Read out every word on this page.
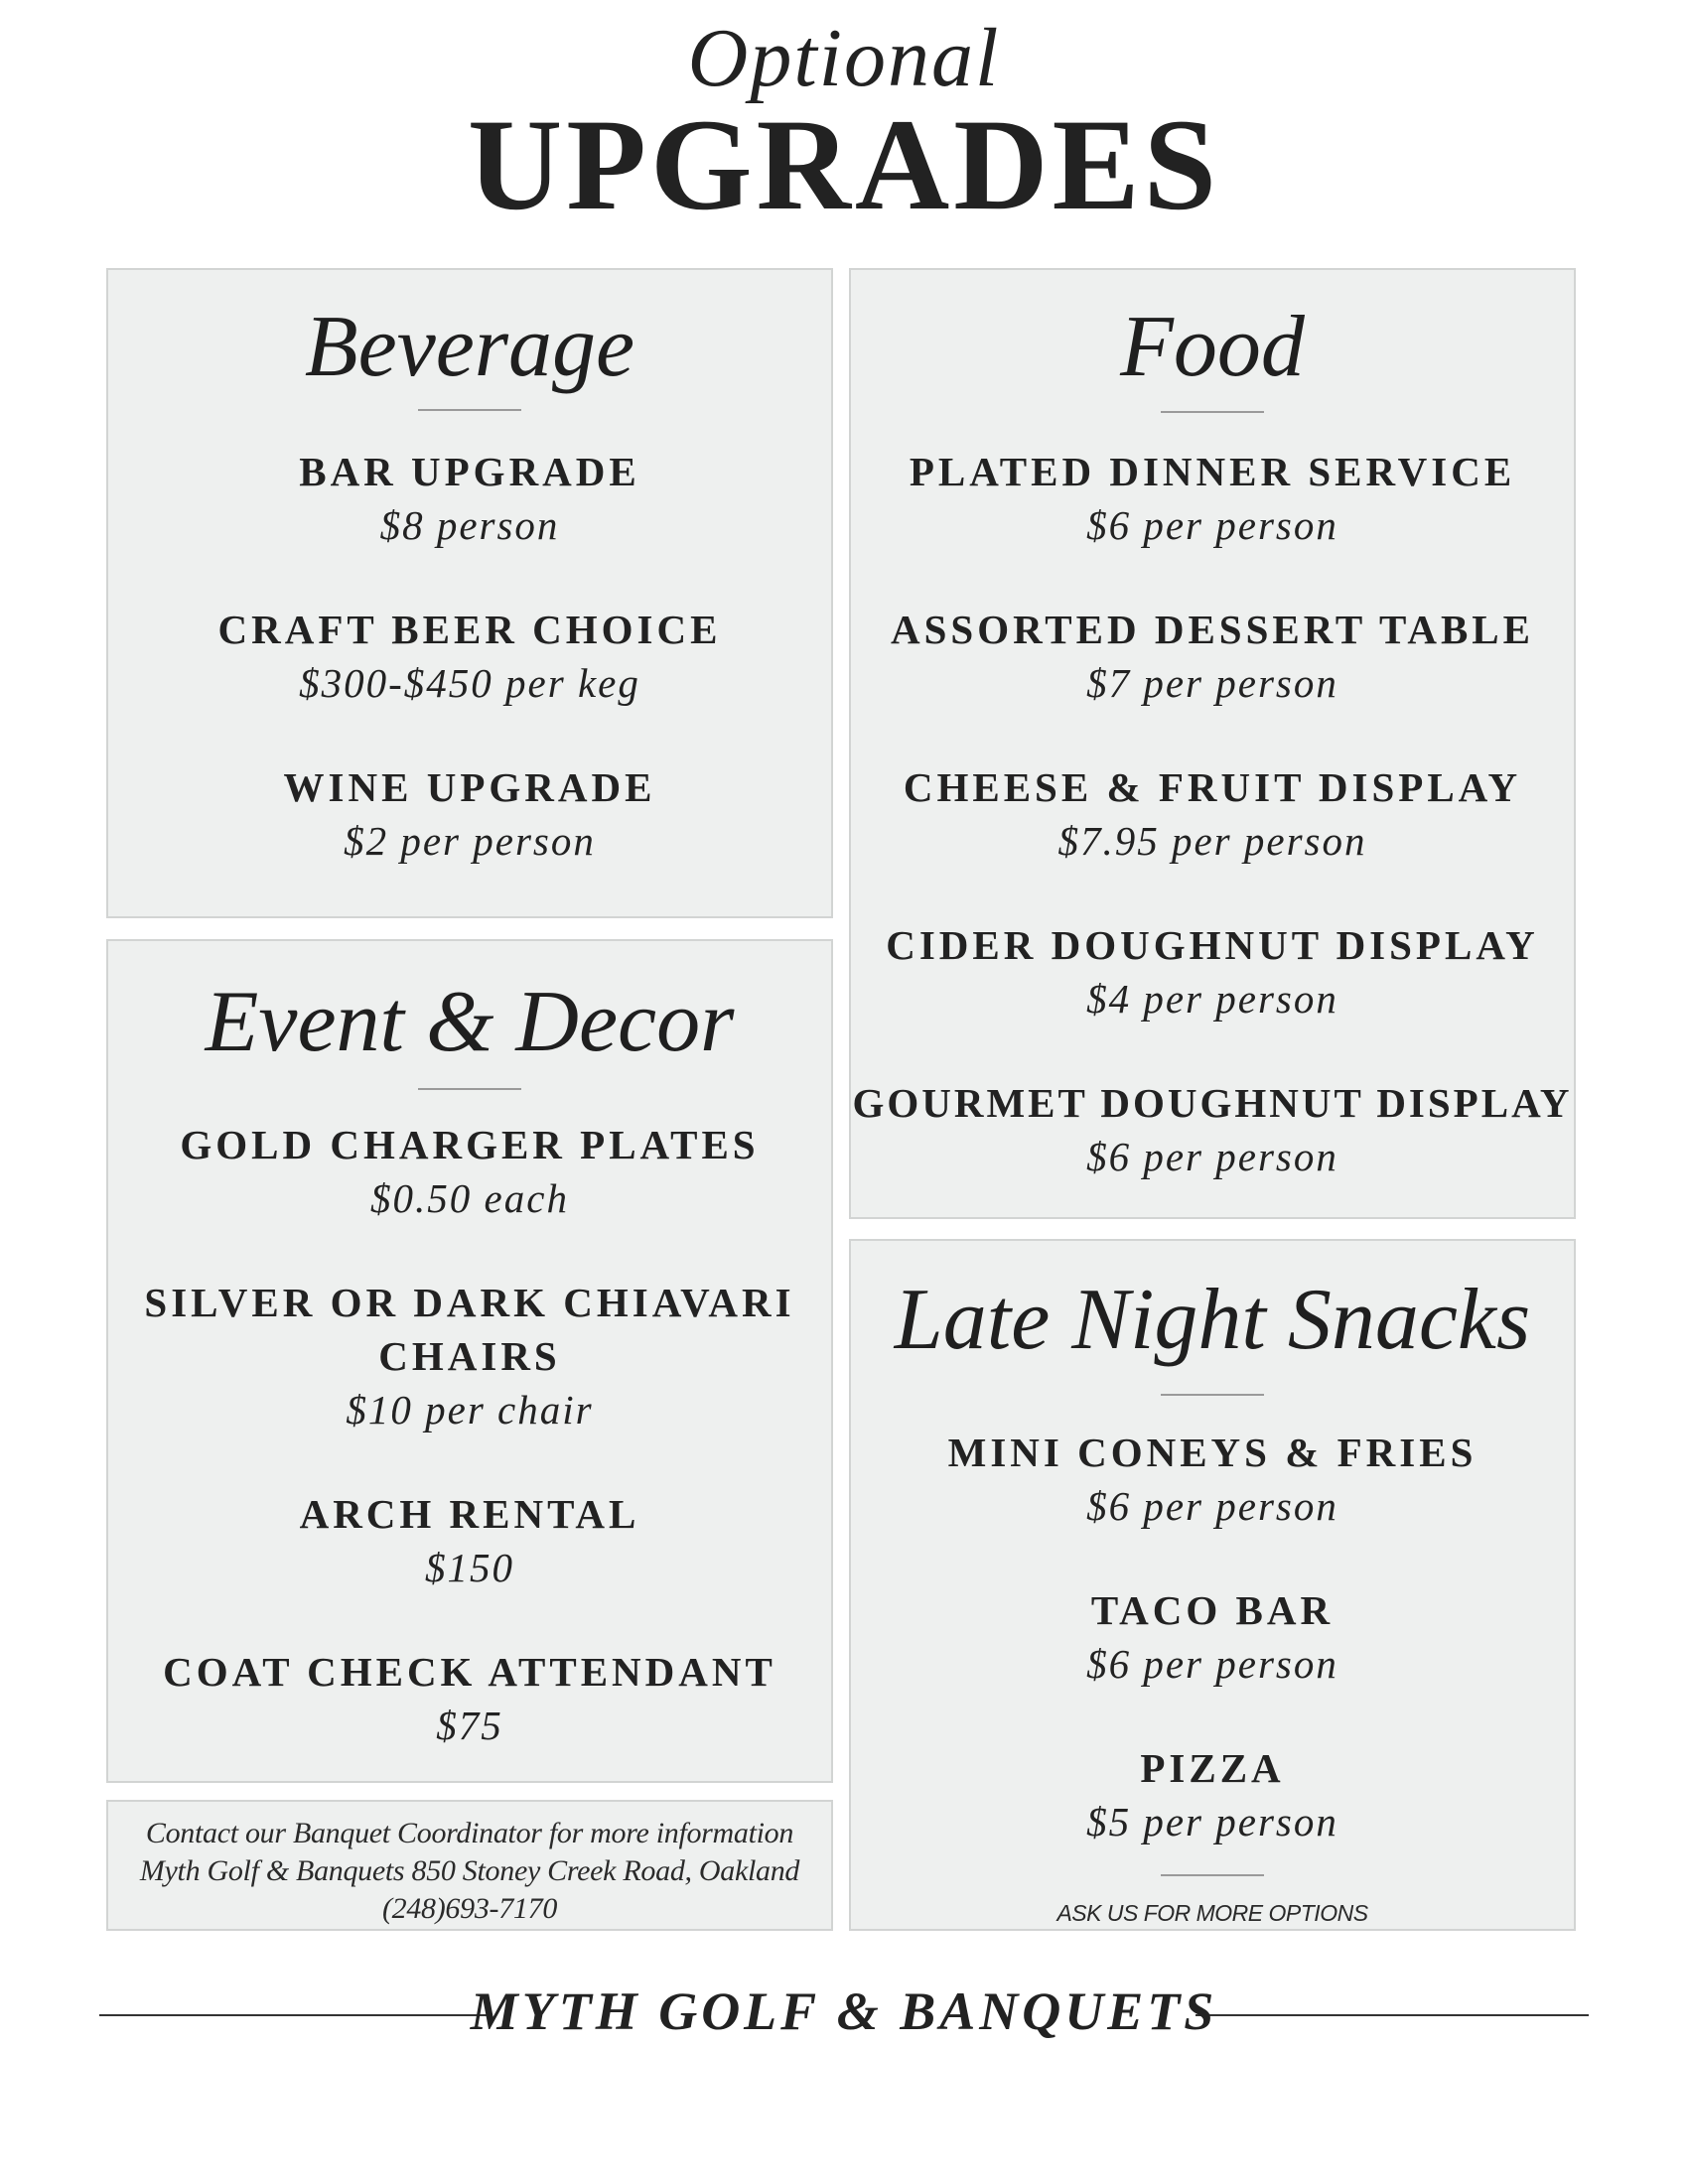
Optional
UPGRADES
Beverage
BAR UPGRADE
$8 person
CRAFT BEER CHOICE
$300-$450 per keg
WINE UPGRADE
$2 per person
Food
PLATED DINNER SERVICE
$6 per person
ASSORTED DESSERT TABLE
$7 per person
CHEESE & FRUIT DISPLAY
$7.95 per person
CIDER DOUGHNUT DISPLAY
$4 per person
GOURMET DOUGHNUT DISPLAY
$6 per person
Event & Decor
GOLD CHARGER PLATES
$0.50 each
SILVER OR DARK CHIAVARI
CHAIRS
$10 per chair
ARCH RENTAL
$150
COAT CHECK ATTENDANT
$75
Contact our Banquet Coordinator for more information
Myth Golf & Banquets 850 Stoney Creek Road, Oakland
(248)693-7170
Late Night Snacks
MINI CONEYS & FRIES
$6 per person
TACO BAR
$6 per person
PIZZA
$5 per person
ASK US FOR MORE OPTIONS
MYTH GOLF & BANQUETS
